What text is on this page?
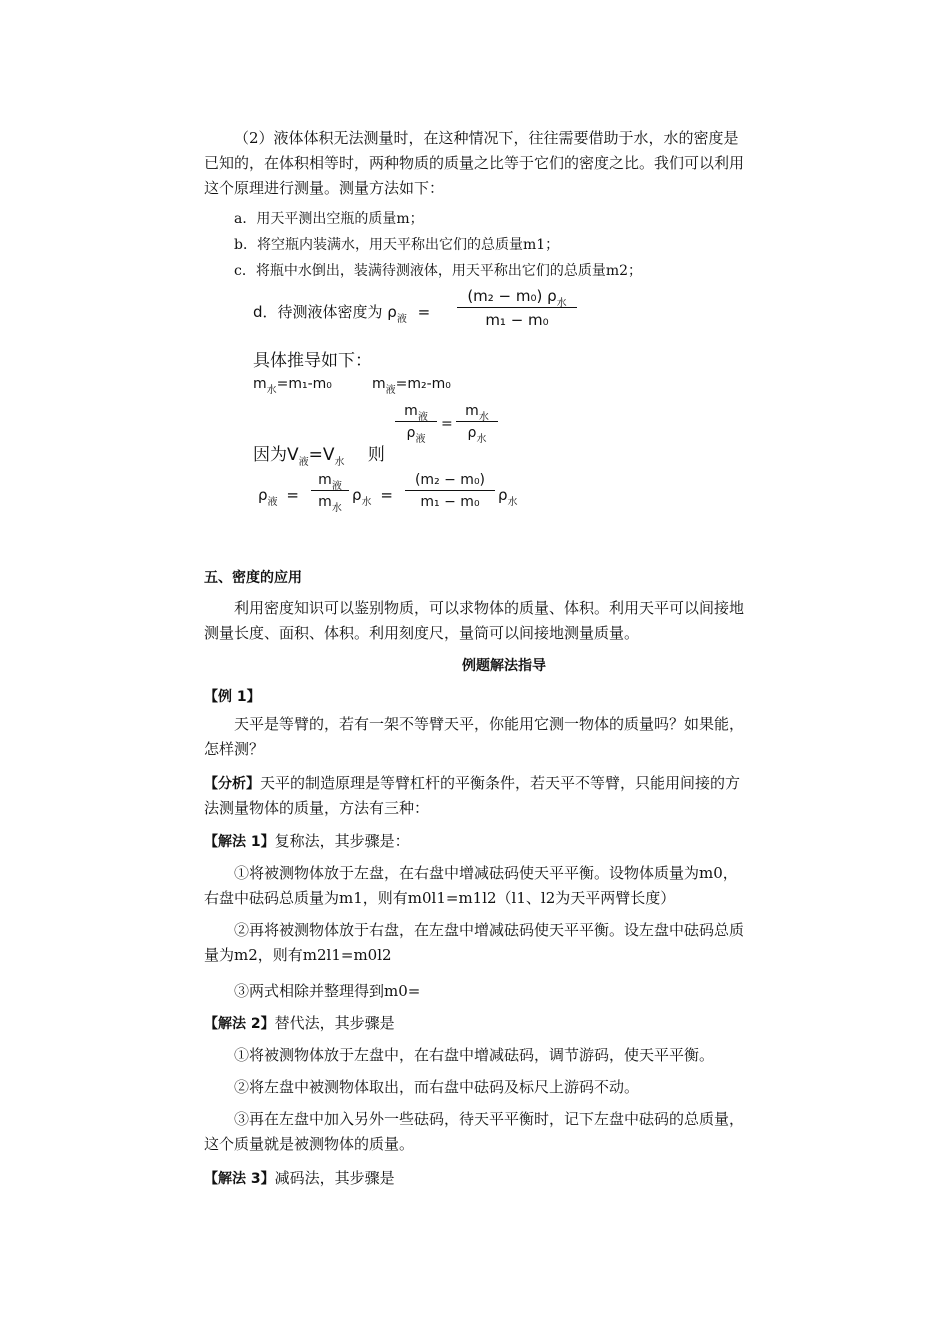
（2）液体体积无法测量时，在这种情况下，往往需要借助于水，水的密度是
已知的，在体积相等时，两种物质的质量之比等于它们的密度之比。我们可以利用
这个原理进行测量。测量方法如下：
a．用天平测出空瓶的质量m；
b．将空瓶内装满水，用天平称出它们的总质量m1；
c．将瓶中水倒出，装满待测液体，用天平称出它们的总质量m2；
d．待测液体密度为 $\rho_液$ =
(m₂ − m₀) $\rho_水$
m₁ − m₀
具体推导如下：
$m_水=m_1-m_0$	$m_液=m_2-m_0$
$m_液$
$\rho_液$
=
$m_水$
$\rho_水$
因为$V_液=V_水$ 则
$\rho_液$ =
$m_液$
$m_水$
$\rho_水$ =
(m₂ − m₀)
m₁ − m₀ $\rho_水$
五、密度的应用
利用密度知识可以鉴别物质，可以求物体的质量、体积。利用天平可以间接地
测量长度、面积、体积。利用刻度尺，量筒可以间接地测量质量。
例题解法指导
【例 1】
天平是等臂的，若有一架不等臂天平，你能用它测一物体的质量吗？如果能，
怎样测？
【分析】天平的制造原理是等臂杠杆的平衡条件，若天平不等臂，只能用间接的方
法测量物体的质量，方法有三种：
【解法 1】复称法，其步骤是：
①将被测物体放于左盘，在右盘中增减砝码使天平平衡。设物体质量为m0，
右盘中砝码总质量为m1，则有m0l1=m1l2（l1、l2为天平两臂长度）
②再将被测物体放于右盘，在左盘中增减砝码使天平平衡。设左盘中砝码总质
量为m2，则有m2l1=m0l2
③两式相除并整理得到m0=
【解法 2】替代法，其步骤是
①将被测物体放于左盘中，在右盘中增减砝码，调节游码，使天平平衡。
②将左盘中被测物体取出，而右盘中砝码及标尺上游码不动。
③再在左盘中加入另外一些砝码，待天平平衡时，记下左盘中砝码的总质量，
这个质量就是被测物体的质量。
【解法 3】减码法，其步骤是
